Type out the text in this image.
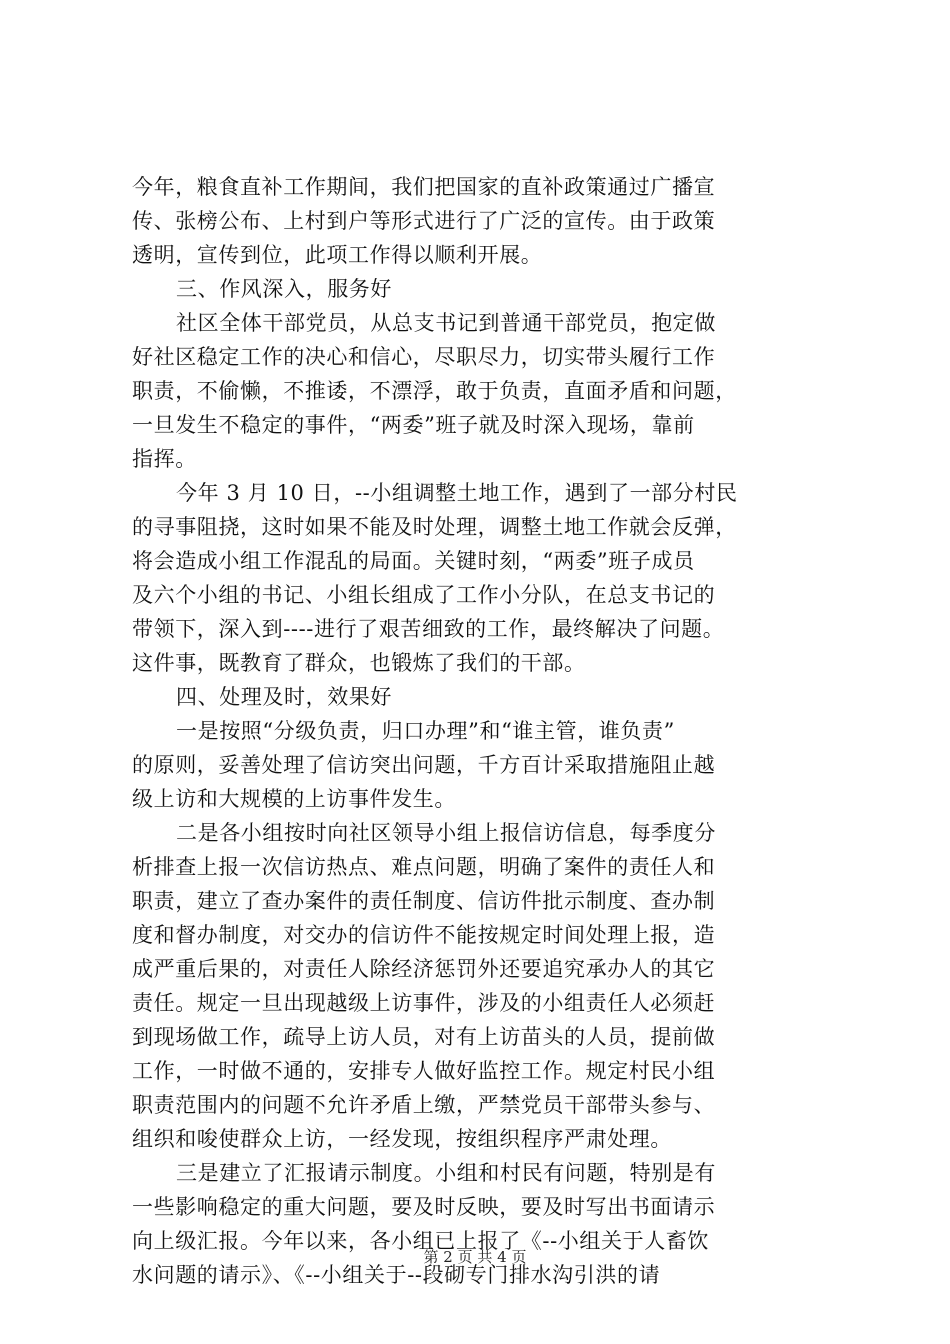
今年，粮食直补工作期间，我们把国家的直补政策通过广播宣
传、张榜公布、上村到户等形式进行了广泛的宣传。由于政策
透明，宣传到位，此项工作得以顺利开展。
三、作风深入，服务好
社区全体干部党员，从总支书记到普通干部党员，抱定做
好社区稳定工作的决心和信心，尽职尽力，切实带头履行工作
职责，不偷懒，不推诿，不漂浮，敢于负责，直面矛盾和问题，
一旦发生不稳定的事件，“两委”班子就及时深入现场，靠前
指挥。
今年 3 月 10 日，--小组调整土地工作，遇到了一部分村民
的寻事阻挠，这时如果不能及时处理，调整土地工作就会反弹，
将会造成小组工作混乱的局面。关键时刻，“两委”班子成员
及六个小组的书记、小组长组成了工作小分队，在总支书记的
带领下，深入到----进行了艰苦细致的工作，最终解决了问题。
这件事，既教育了群众，也锻炼了我们的干部。
四、处理及时，效果好
一是按照“分级负责，归口办理”和“谁主管，谁负责”
的原则，妥善处理了信访突出问题，千方百计采取措施阻止越
级上访和大规模的上访事件发生。
二是各小组按时向社区领导小组上报信访信息，每季度分
析排查上报一次信访热点、难点问题，明确了案件的责任人和
职责，建立了查办案件的责任制度、信访件批示制度、查办制
度和督办制度，对交办的信访件不能按规定时间处理上报，造
成严重后果的，对责任人除经济惩罚外还要追究承办人的其它
责任。规定一旦出现越级上访事件，涉及的小组责任人必须赶
到现场做工作，疏导上访人员，对有上访苗头的人员，提前做
工作，一时做不通的，安排专人做好监控工作。规定村民小组
职责范围内的问题不允许矛盾上缴，严禁党员干部带头参与、
组织和唆使群众上访，一经发现，按组织程序严肃处理。
三是建立了汇报请示制度。小组和村民有问题，特别是有
一些影响稳定的重大问题，要及时反映，要及时写出书面请示
向上级汇报。今年以来，各小组已上报了《--小组关于人畜饮
水问题的请示》、《--小组关于--段砌专门排水沟引洪的请
第 2 页 共 4 页
